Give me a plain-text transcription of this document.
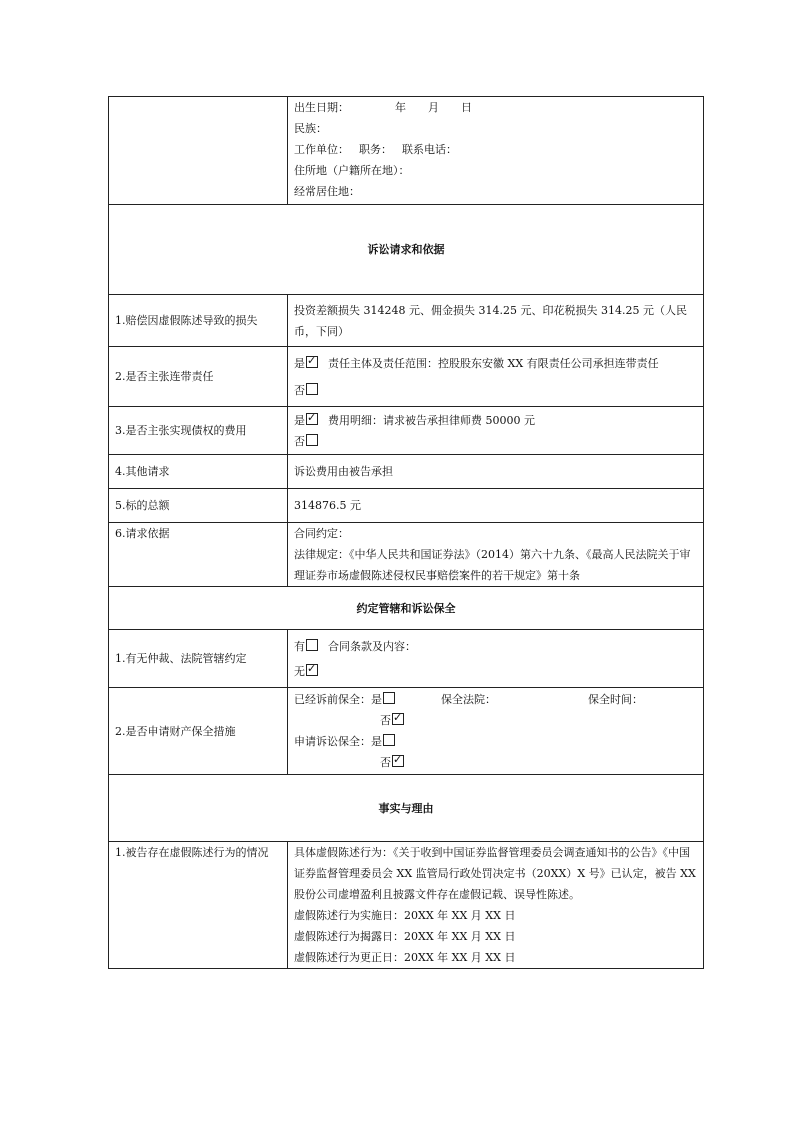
	出生日期： 年 月 日
民族：
工作单位： 职务： 联系电话：
住所地（户籍所在地）：
经常居住地：

诉讼请求和依据	
1.赔偿因虚假陈述导致的损失	投资差额损失 314248 元、佣金损失 314.25 元、印花税损失 314.25 元（人民币，下同）

2.是否主张连带责任	是 ✓ 责任主体及责任范围：控股股东安徽 XX 有限责任公司承担连带责任
否

3.是否主张实现债权的费用	是 ✓ 费用明细：请求被告承担律师费 50000 元
否

4.其他请求	诉讼费用由被告承担
5.标的总额	314876.5 元
6.请求依据	合同约定：
法律规定：《中华人民共和国证券法》（2014）第六十九条、《最高人民法院关于审理证券市场虚假陈述侵权民事赔偿案件的若干规定》第十条

约定管辖和诉讼保全	
1.有无仲裁、法院管辖约定	有 合同条款及内容：
无✓

2.是否申请财产保全措施	已经诉前保全：是 保全法院： 保全时间：
否✓
申请诉讼保全：是
否✓

事实与理由	
1.被告存在虚假陈述行为的情况	具体虚假陈述行为：《关于收到中国证券监督管理委员会调查通知书的公告》《中国证券监督管理委员会 XX 监管局行政处罚决定书（20XX）X 号》已认定，被告 XX 股份公司虚增盈利且披露文件存在虚假记载、误导性陈述。
虚假陈述行为实施日：20XX 年 XX 月 XX 日
虚假陈述行为揭露日：20XX 年 XX 月 XX 日
虚假陈述行为更正日：20XX 年 XX 月 XX 日
